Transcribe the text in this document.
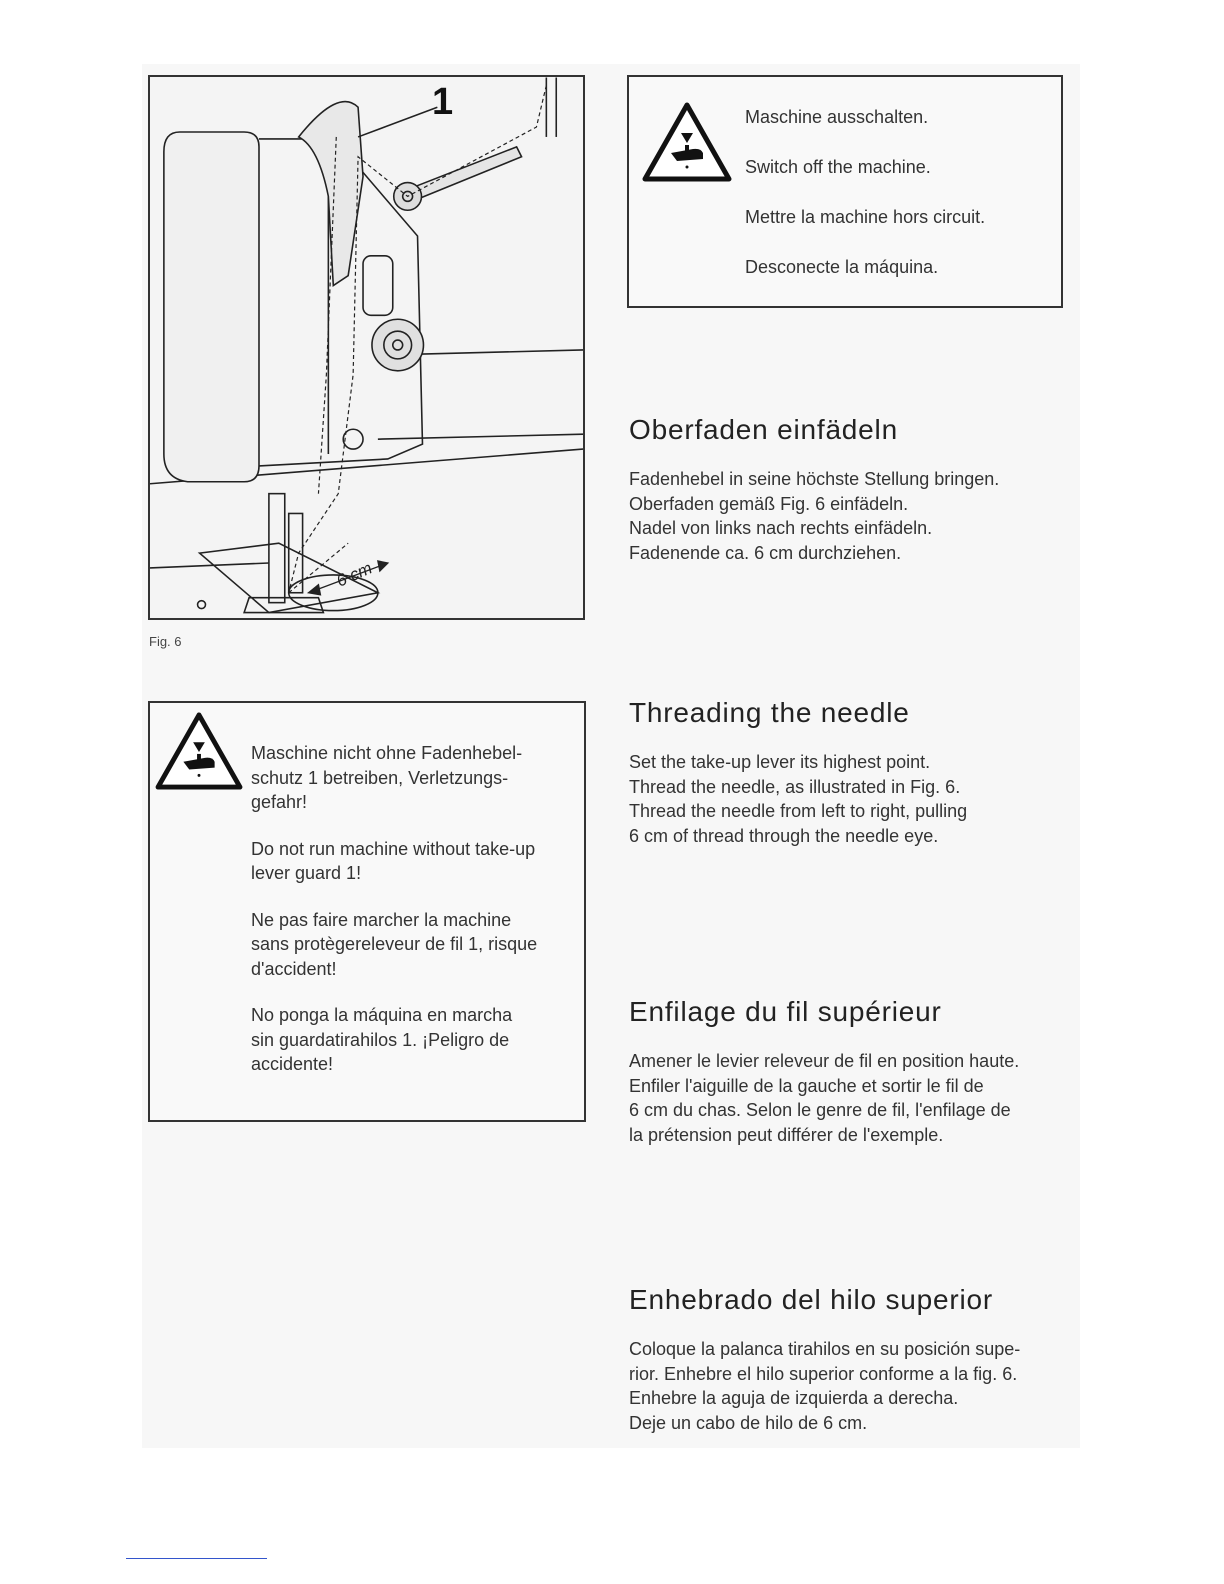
1
6 cm
Fig. 6

Maschine ausschalten.

Switch off the machine.

Mettre la machine hors circuit.

Desconecte la máquina.

Maschine nicht ohne Fadenhebel-
schutz 1 betreiben, Verletzungs-
gefahr!

Do not run machine without take-up
lever guard 1!

Ne pas faire marcher la machine
sans protègereleveur de fil 1, risque
d'accident!

No ponga la máquina en marcha
sin guardatirahilos 1. ¡Peligro de
accidente!

Oberfaden einfädeln
Fadenhebel in seine höchste Stellung bringen.
Oberfaden gemäß Fig. 6 einfädeln.
Nadel von links nach rechts einfädeln.
Fadenende ca. 6 cm durchziehen.
Threading the needle
Set the take-up lever its highest point.
Thread the needle, as illustrated in Fig. 6.
Thread the needle from left to right, pulling
6 cm of thread through the needle eye.
Enfilage du fil supérieur
Amener le levier releveur de fil en position haute.
Enfiler l'aiguille de la gauche et sortir le fil de
6 cm du chas. Selon le genre de fil, l'enfilage de
la prétension peut différer de l'exemple.
Enhebrado del hilo superior
Coloque la palanca tirahilos en su posición supe-
rior. Enhebre el hilo superior conforme a la fig. 6.
Enhebre la aguja de izquierda a derecha.
Deje un cabo de hilo de 6 cm.
